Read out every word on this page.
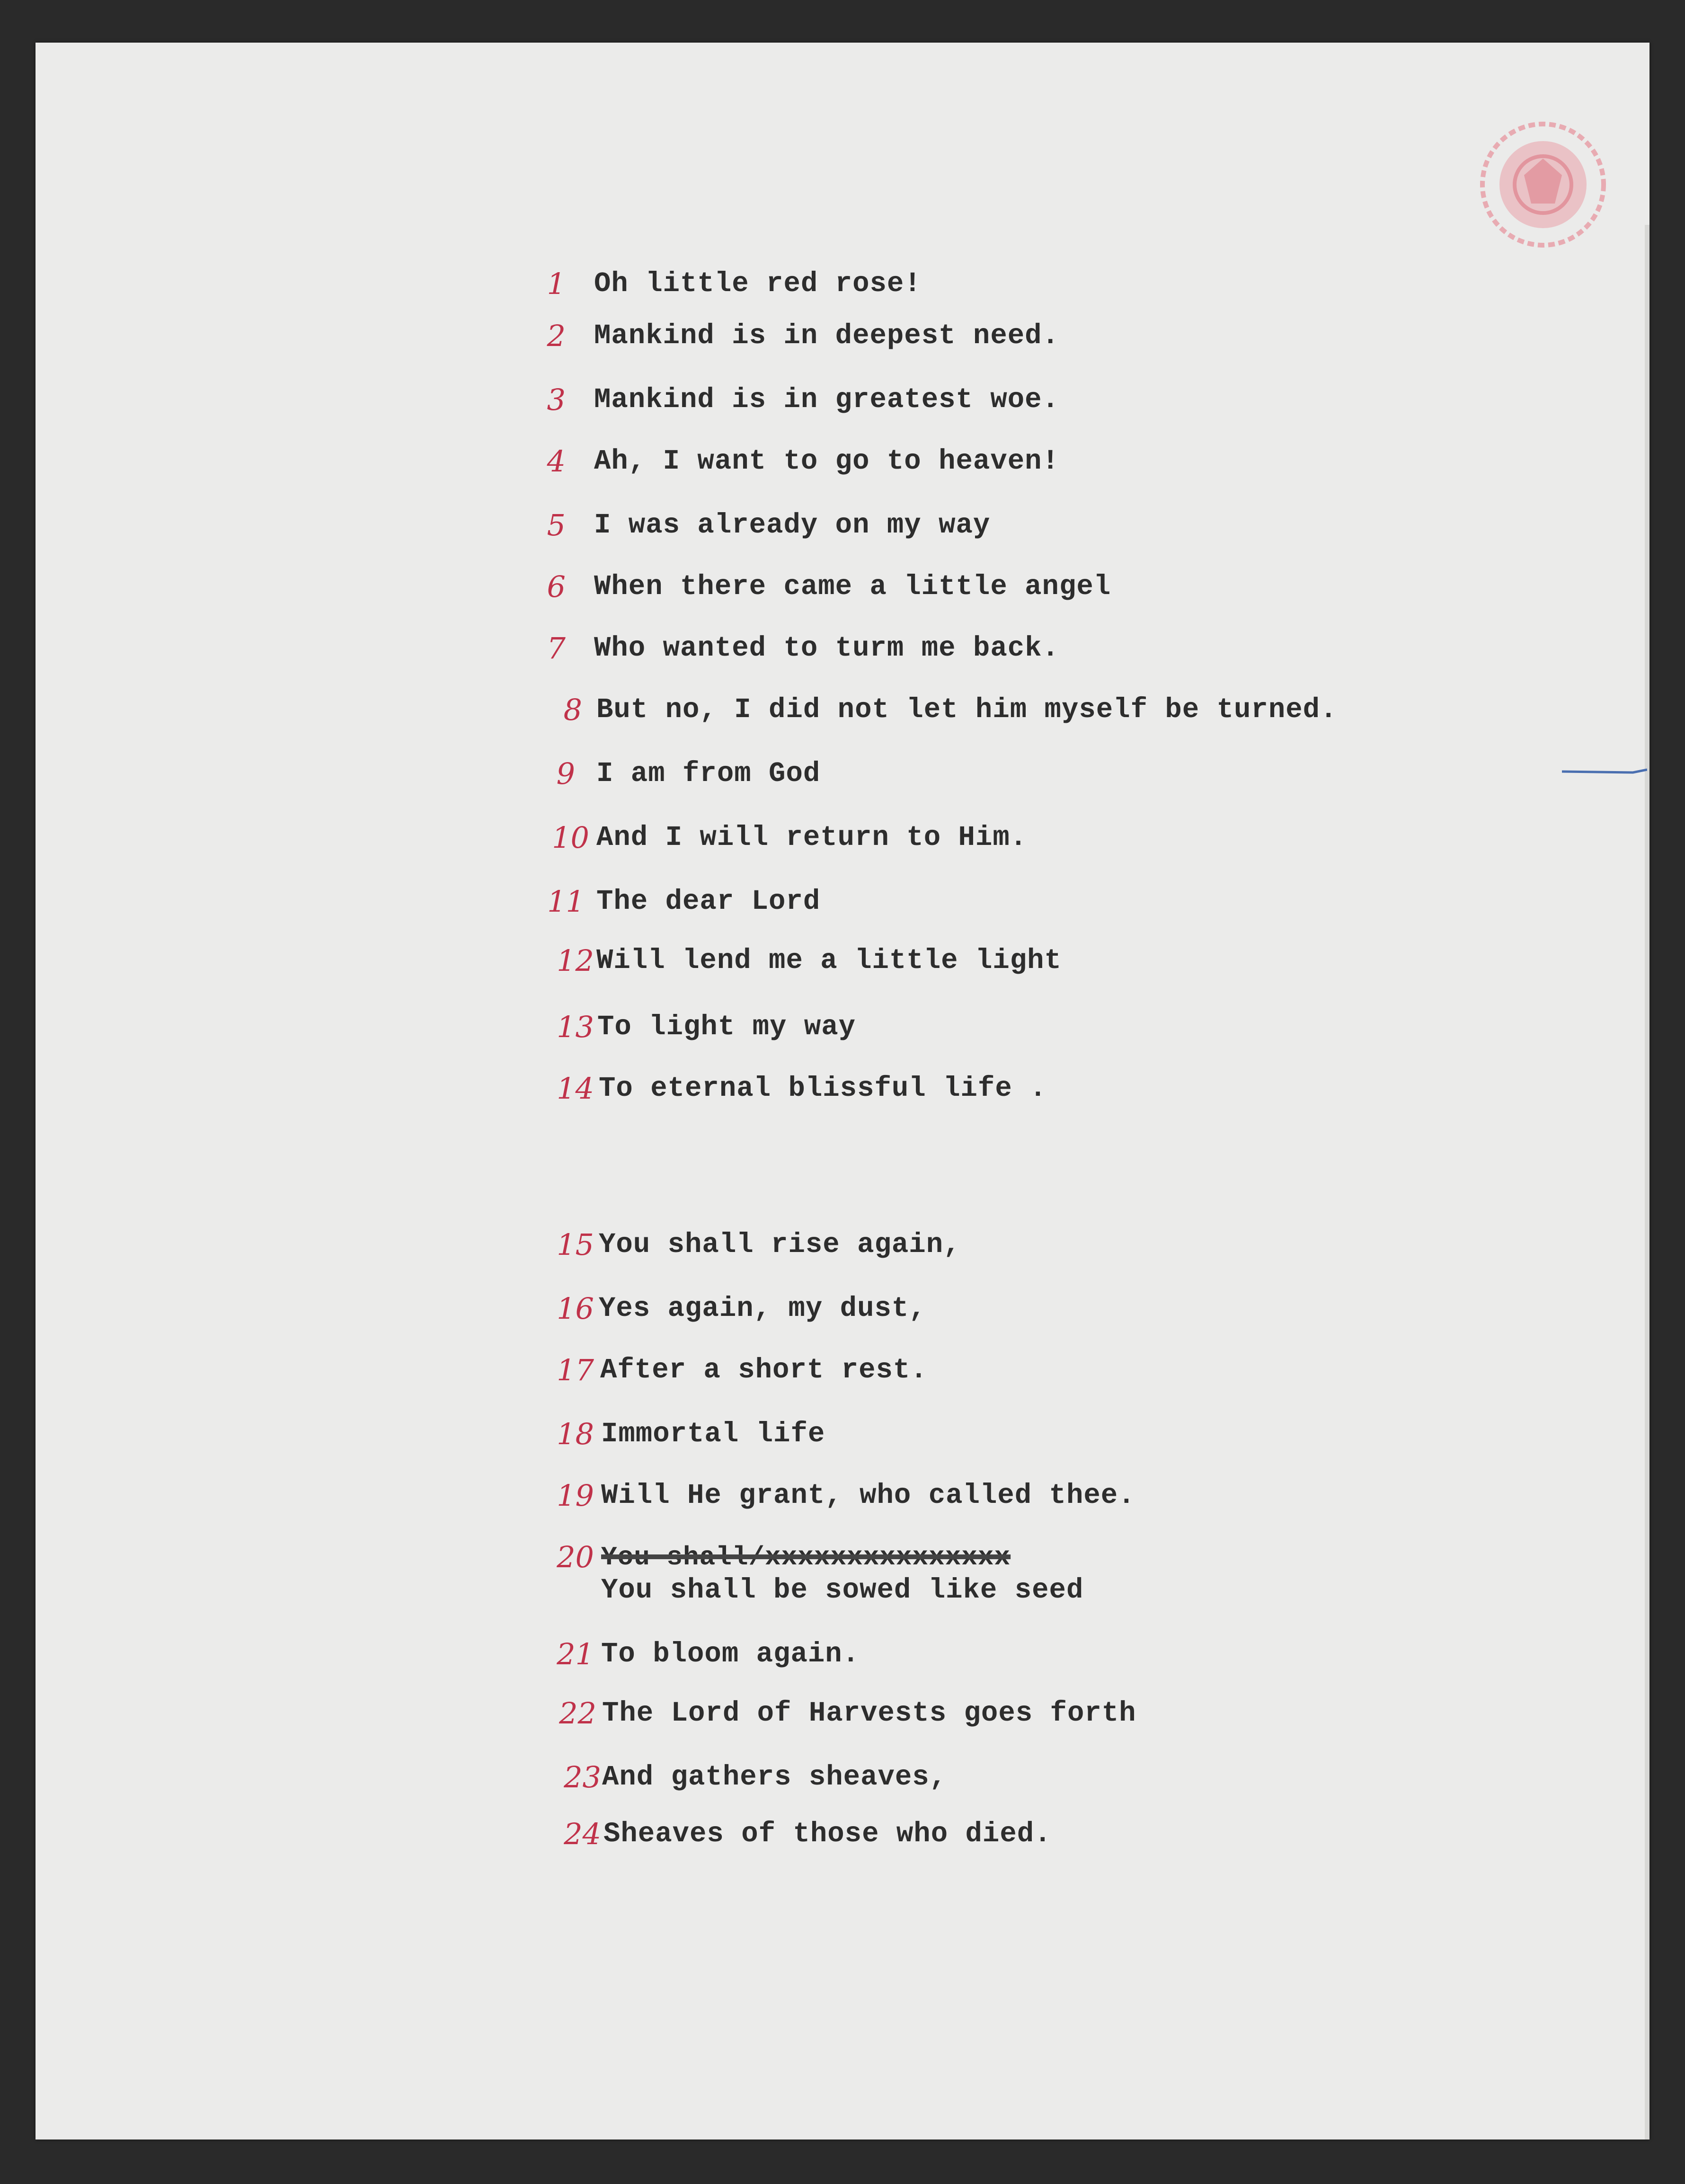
1 Oh little red rose!
2 Mankind is in deepest need.
3 Mankind is in greatest woe.
4 Ah, I want to go to heaven!
5 I was already on my way
6 When there came a little angel
7 Who wanted to turm me back.
8 But no, I did not let him myself be turned.
9 I am from God
10 And I will return to Him.
11 The dear Lord
12 Will lend me a little light
13 To light my way
14 To eternal blissful life .
15 You shall rise again,
16 Yes again, my dust,
17 After a short rest.
18 Immortal life
19 Will He grant, who called thee.
20 You shall/xxxxxxxxxxxxxxx
You shall be sowed like seed
21 To bloom again.
22 The Lord of Harvests goes forth
23 And gathers sheaves,
24 Sheaves of those who died.
